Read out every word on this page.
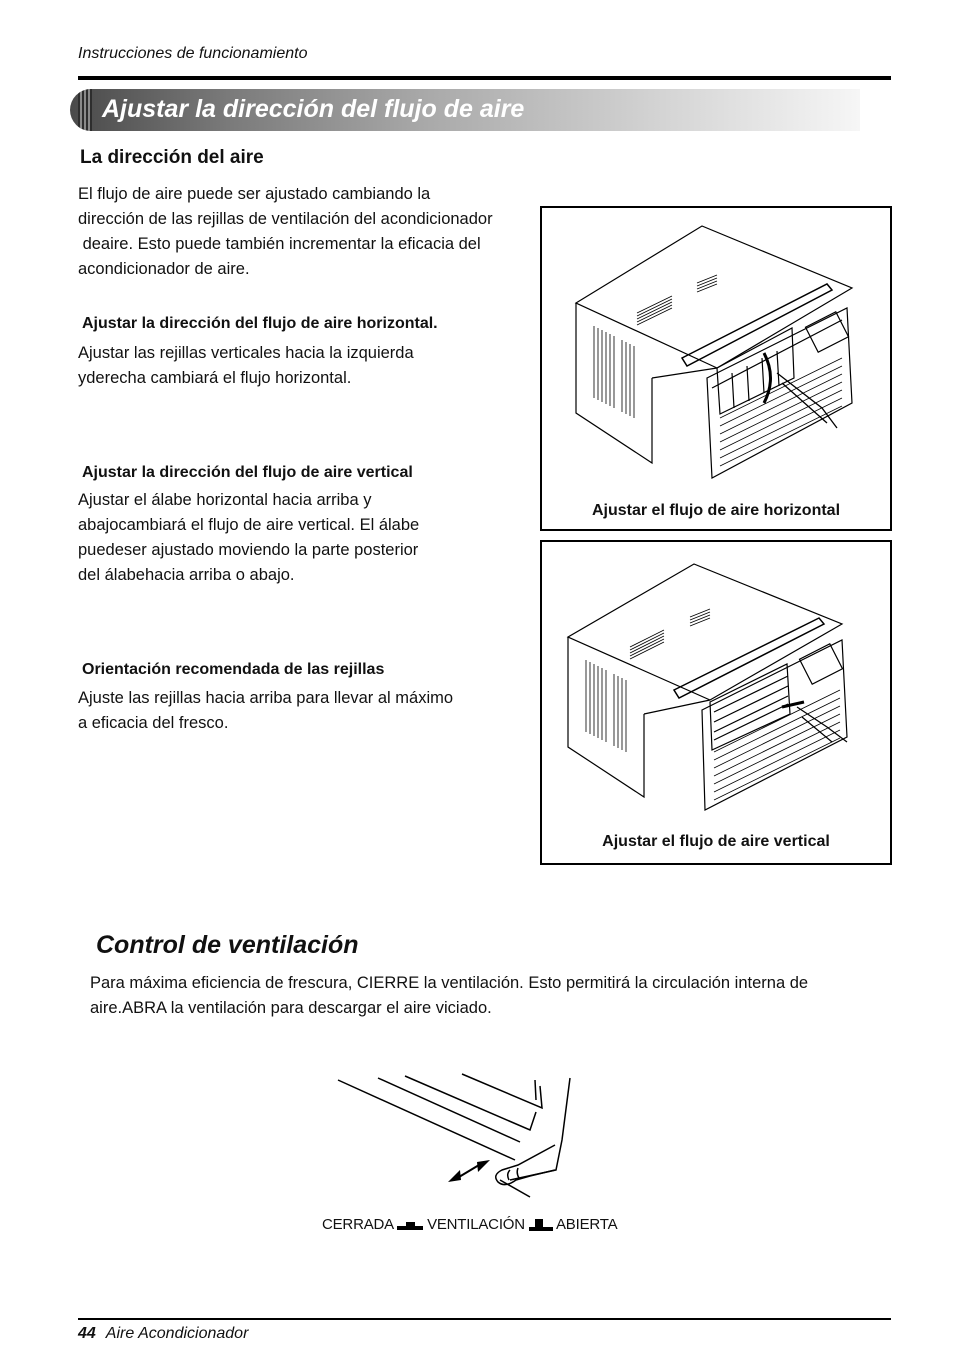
Instrucciones de funcionamiento
Ajustar la dirección del flujo de aire
La dirección del aire
El flujo de aire puede ser ajustado cambiando la
dirección de las rejillas de ventilación del acondicionador
deaire. Esto puede también incrementar la eficacia del
acondicionador de aire.
Ajustar la dirección del flujo de aire horizontal.
Ajustar las rejillas verticales hacia la izquierda
yderecha cambiará el flujo horizontal.
Ajustar la dirección del flujo de aire vertical
Ajustar el álabe horizontal hacia arriba y
abajocambiará el flujo de aire vertical. El álabe
puedeser ajustado moviendo la parte posterior
del álabehacia arriba o abajo.
Orientación recomendada de las rejillas
Ajuste las rejillas hacia arriba para llevar al máximo
a eficacia del fresco.
Ajustar el flujo de aire horizontal
Ajustar el flujo de aire vertical
Control de ventilación
Para máxima eficiencia de frescura, CIERRE la ventilación. Esto permitirá la circulación interna de
aire.ABRA la ventilación para descargar el aire viciado.
CERRADA VENTILACIÓN ABIERTA
44 Aire Acondicionador
